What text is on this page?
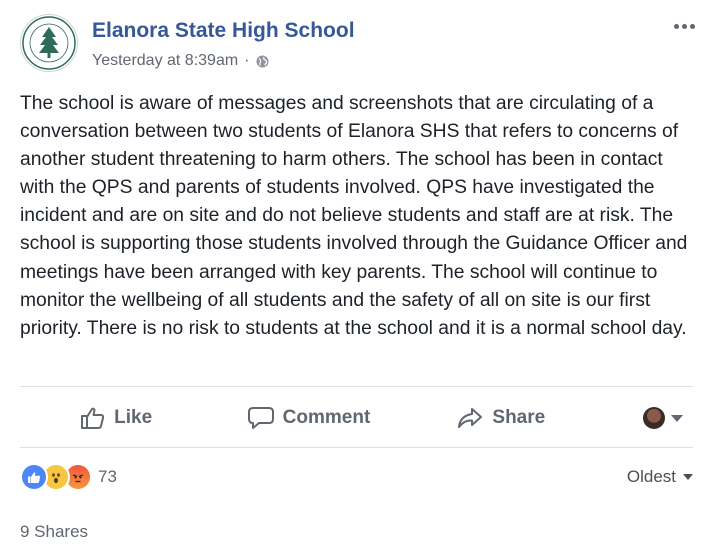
Elanora State High School
Yesterday at 8:39am ·
The school is aware of messages and screenshots that are circulating of a conversation between two students of Elanora SHS that refers to concerns of another student threatening to harm others. The school has been in contact with the QPS and parents of students involved. QPS have investigated the incident and are on site and do not believe students and staff are at risk. The school is supporting those students involved through the Guidance Officer and meetings have been arranged with key parents. The school will continue to monitor the wellbeing of all students and the safety of all on site is our first priority. There is no risk to students at the school and it is a normal school day.
Like	Comment	Share
73	Oldest
9 Shares
